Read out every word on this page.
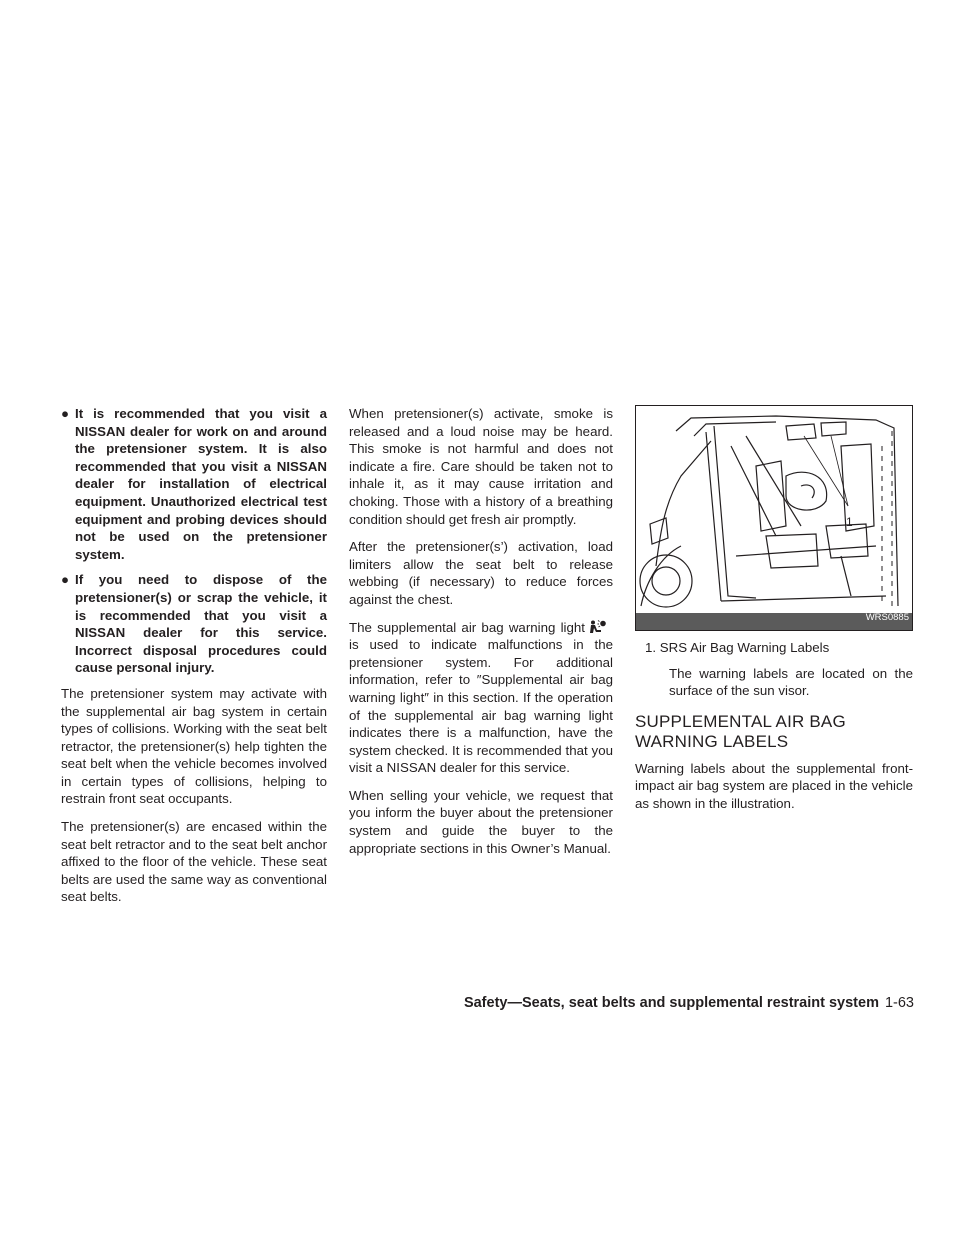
● It is recommended that you visit a NISSAN dealer for work on and around the pretensioner system. It is also recommended that you visit a NISSAN dealer for installation of electrical equipment. Unauthorized electrical test equipment and probing devices should not be used on the pretensioner system.
● If you need to dispose of the pretensioner(s) or scrap the vehicle, it is recommended that you visit a NISSAN dealer for this service. Incorrect disposal procedures could cause personal injury.

The pretensioner system may activate with the supplemental air bag system in certain types of collisions. Working with the seat belt retractor, the pretensioner(s) help tighten the seat belt when the vehicle becomes involved in certain types of collisions, helping to restrain front seat occupants.

The pretensioner(s) are encased within the seat belt retractor and to the seat belt anchor affixed to the floor of the vehicle. These seat belts are used the same way as conventional seat belts.

When pretensioner(s) activate, smoke is released and a loud noise may be heard. This smoke is not harmful and does not indicate a fire. Care should be taken not to inhale it, as it may cause irritation and choking. Those with a history of a breathing condition should get fresh air promptly.

After the pretensioner(s’) activation, load limiters allow the seat belt to release webbing (if necessary) to reduce forces against the chest.

The supplemental air bag warning lightis used to indicate malfunctions in the pretensioner system. For additional information, refer to ″Supplemental air bag warning light″ in this section. If the operation of the supplemental air bag warning light indicates there is a malfunction, have the system checked. It is recommended that you visit a NISSAN dealer for this service.

When selling your vehicle, we request that you inform the buyer about the pretensioner system and guide the buyer to the appropriate sections in this Owner’s Manual.

1
WRS0885
1. SRS Air Bag Warning Labels
The warning labels are located on the surface of the sun visor.
SUPPLEMENTAL AIR BAG WARNING LABELS

Warning labels about the supplemental front-impact air bag system are placed in the vehicle as shown in the illustration.

Safety—Seats, seat belts and supplemental restraint system 1-63
